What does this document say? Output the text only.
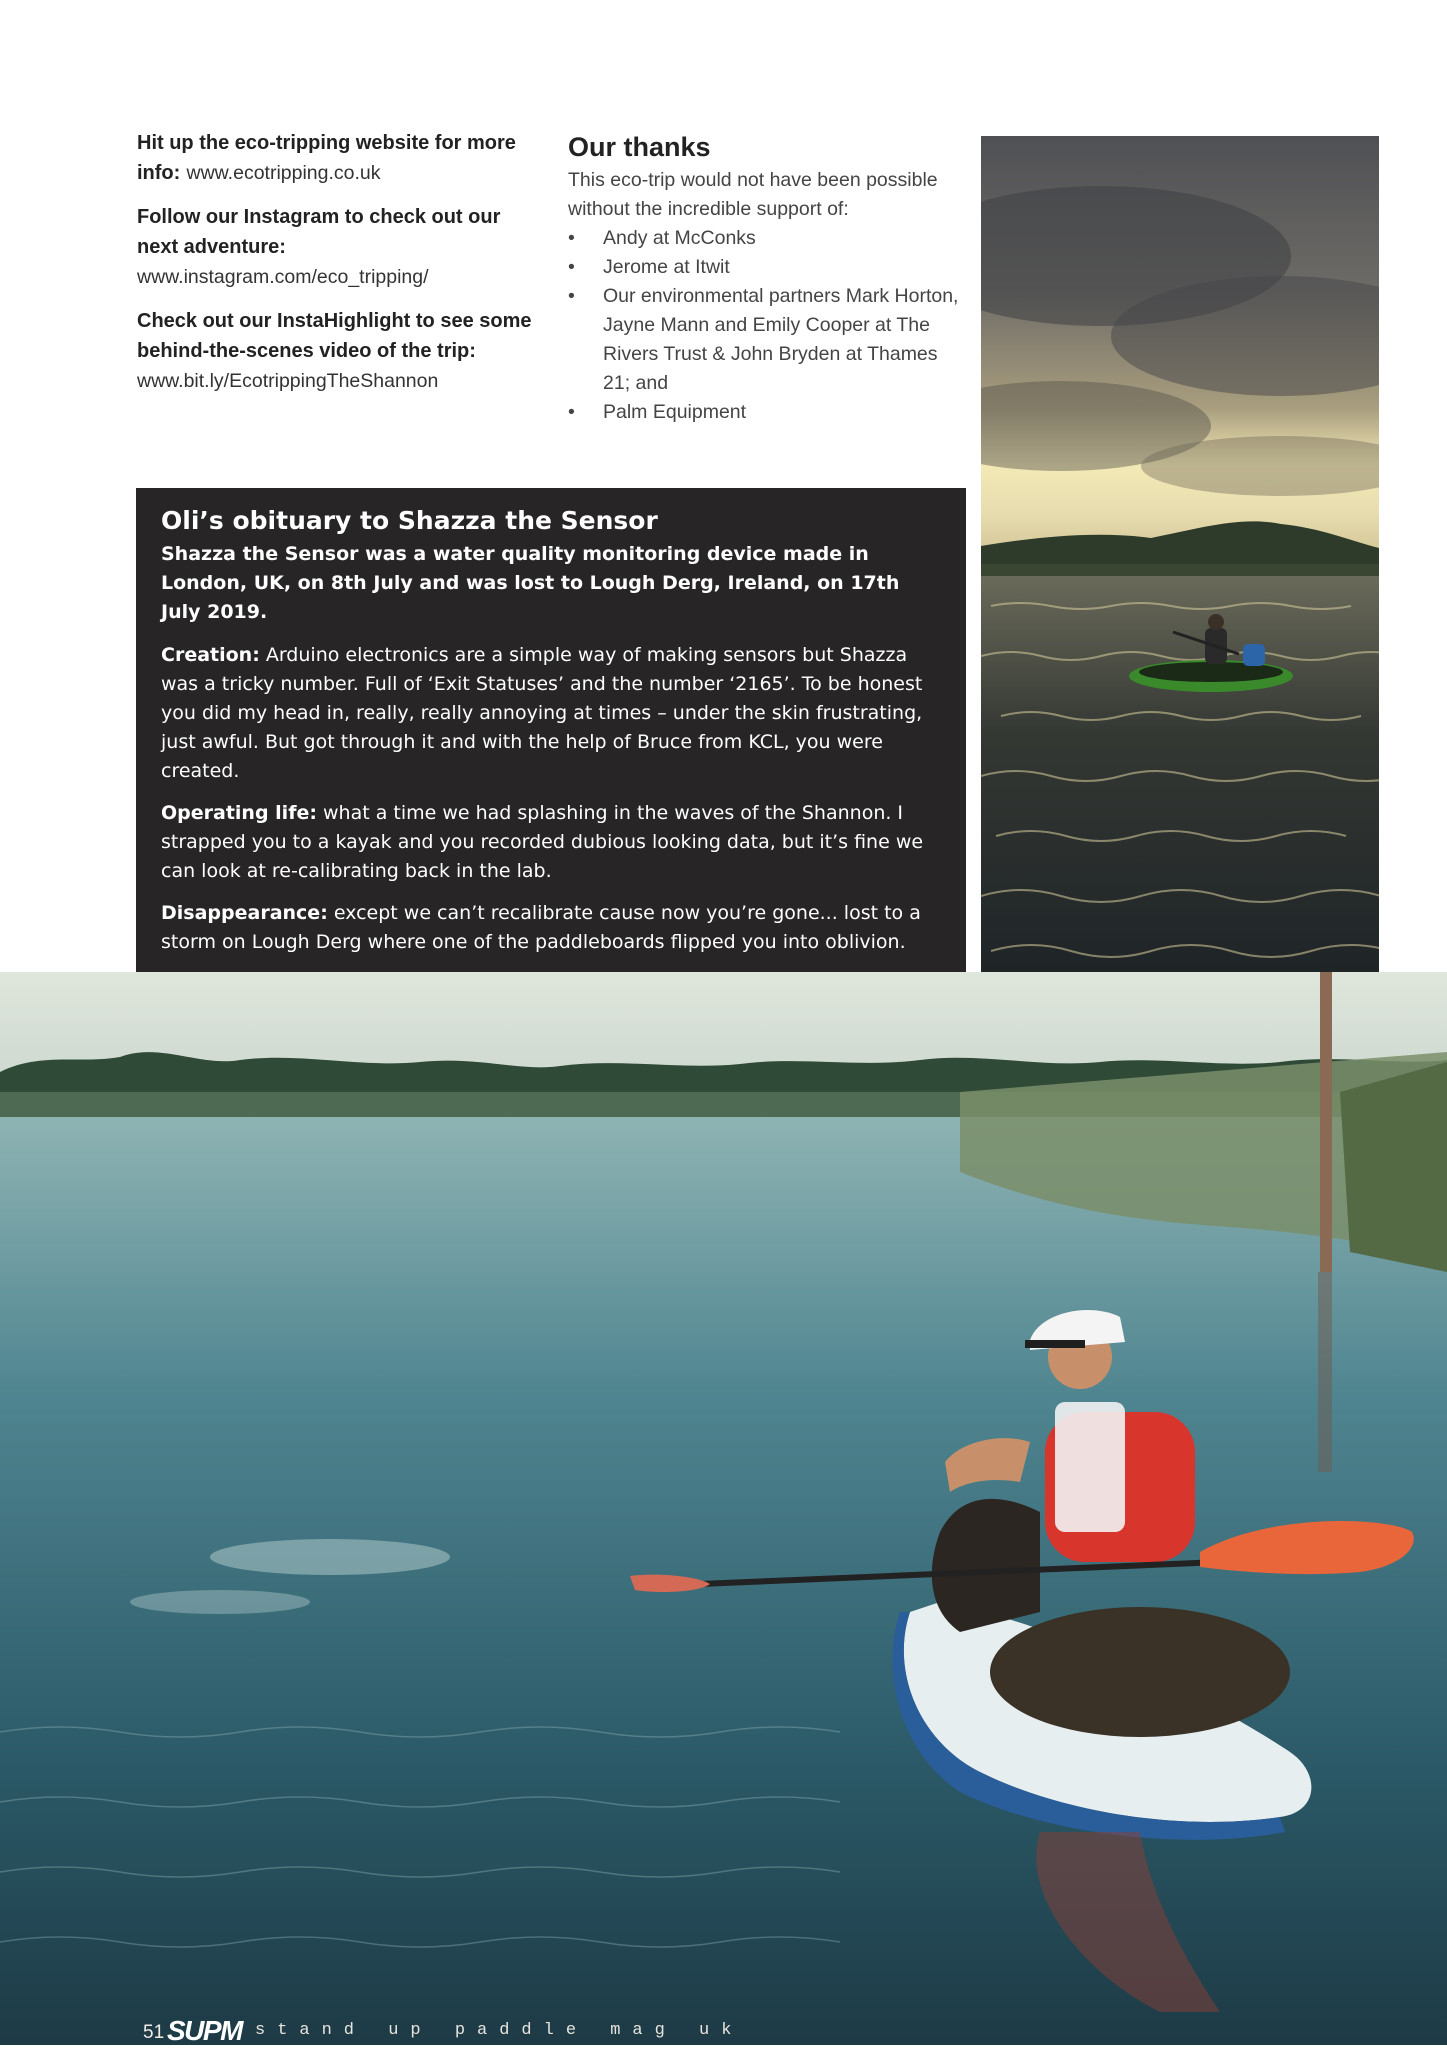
Hit up the eco-tripping website for more info: www.ecotripping.co.uk

Follow our Instagram to check out our next adventure:
www.instagram.com/eco_tripping/

Check out our InstaHighlight to see some behind-the-scenes video of the trip: www.bit.ly/EcotrippingTheShannon

Our thanks
This eco-trip would not have been possible without the incredible support of:
• Andy at McConks
• Jerome at Itwit
• Our environmental partners Mark Horton, Jayne Mann and Emily Cooper at The Rivers Trust & John Bryden at Thames 21; and
• Palm Equipment
Oli’s obituary to Shazza the Sensor
Shazza the Sensor was a water quality monitoring device made in London, UK, on 8th July and was lost to Lough Derg, Ireland, on 17th July 2019.

Creation: Arduino electronics are a simple way of making sensors but Shazza was a tricky number. Full of ‘Exit Statuses’ and the number ‘2165’. To be honest you did my head in, really, really annoying at times – under the skin frustrating, just awful. But got through it and with the help of Bruce from KCL, you were created.

Operating life: what a time we had splashing in the waves of the Shannon. I strapped you to a kayak and you recorded dubious looking data, but it’s fine we can look at re-calibrating back in the lab.

Disappearance: except we can’t recalibrate cause now you’re gone... lost to a storm on Lough Derg where one of the paddleboards flipped you into oblivion.

51 SUPM stand up paddle mag uk
